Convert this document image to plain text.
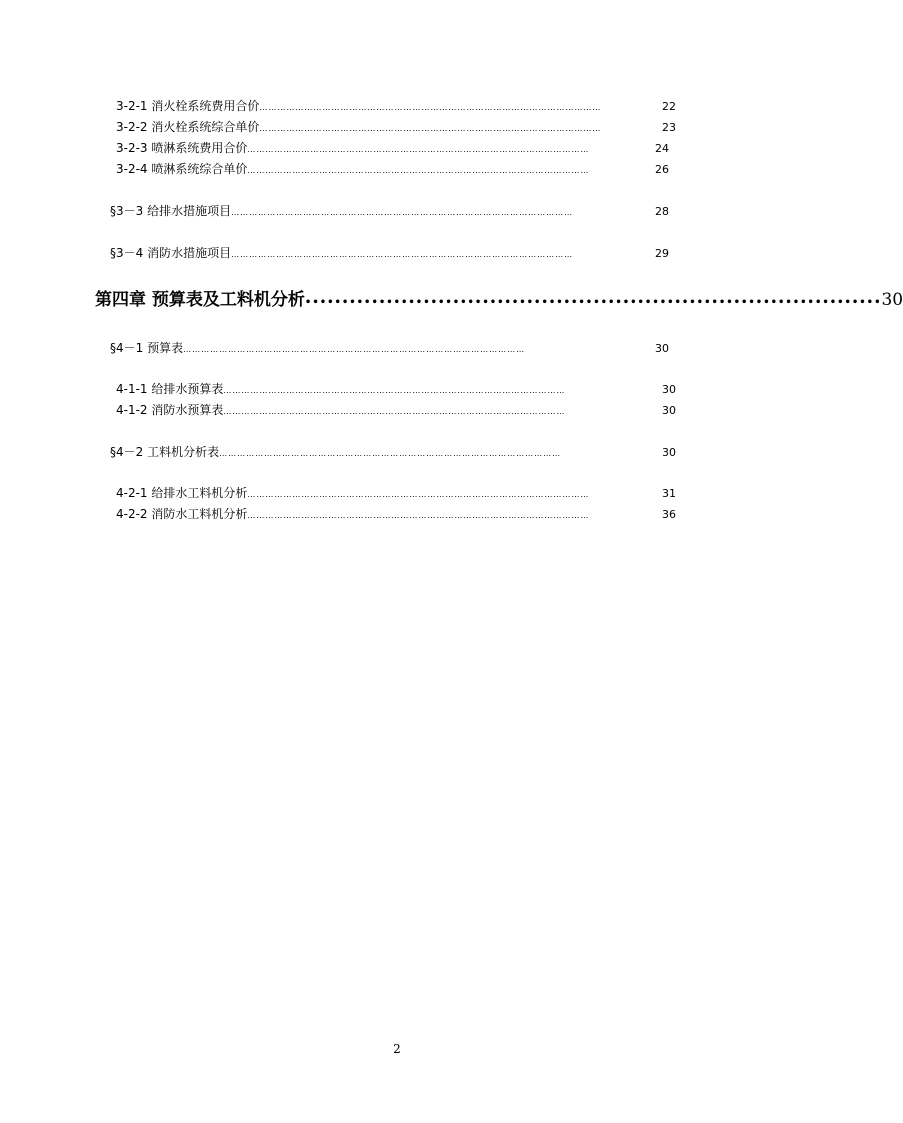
3-2-1 消火栓系统费用合价 ……………………………………………………………………………………………………	22
3-2-2 消火栓系统综合单价 ……………………………………………………………………………………………………	23
3-2-3 喷淋系统费用合价 ……………………………………………………………………………………………………	24
3-2-4 喷淋系统综合单价 ……………………………………………………………………………………………………	26
§3－3 给排水措施项目 ……………………………………………………………………………………………………	28
§3－4 消防水措施项目 ……………………………………………………………………………………………………	29
第四章 预算表及工料机分析 •••••••••••••••••••••••••••••••••••••••••••••••••••••••••••••••••••••••••••••• 30
§4－1 预算表 ……………………………………………………………………………………………………	30
4-1-1 给排水预算表 ……………………………………………………………………………………………………	30
4-1-2 消防水预算表 ……………………………………………………………………………………………………	30
§4－2 工料机分析表 ……………………………………………………………………………………………………	30
4-2-1 给排水工料机分析 ……………………………………………………………………………………………………	31
4-2-2 消防水工料机分析 ……………………………………………………………………………………………………	36
2
